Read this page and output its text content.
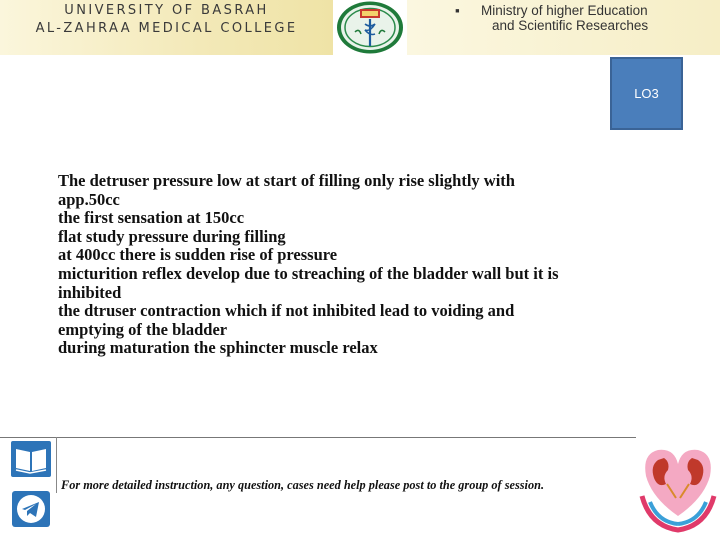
UNIVERSITY OF BASRAH
AL-ZAHRAA MEDICAL COLLEGE
▪ Ministry of higher Education
and Scientific Researches
LO3
The detruser pressure low at start of filling only rise slightly with
app.50cc
the first sensation at 150cc
flat study pressure during filling
at 400cc there is sudden rise of pressure
micturition reflex develop due to streaching of the bladder wall but it is
inhibited
the dtruser contraction which if not inhibited lead to voiding and
emptying of the bladder
during maturation the sphincter muscle relax
For more detailed instruction, any question, cases need help please post to the group of session.
